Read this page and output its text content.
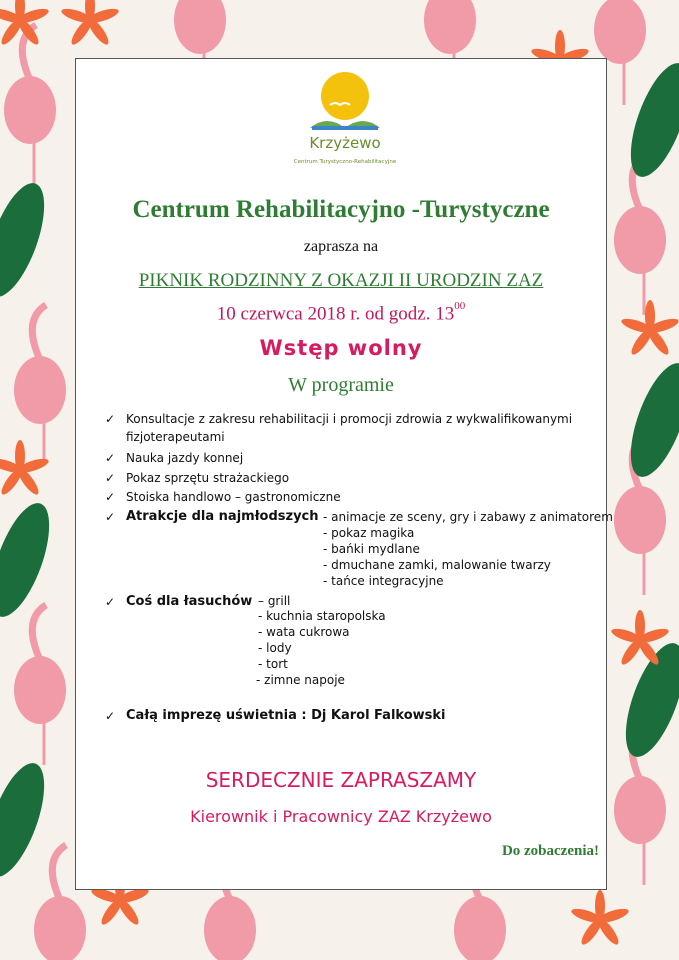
Krzyżewo
Centrum Turystyczno-Rehabilitacyjne
Centrum Rehabilitacyjno -Turystyczne
zaprasza na
PIKNIK RODZINNY Z OKAZJI II URODZIN ZAZ
10 czerwca 2018 r. od godz. $13^{00}$
Wstęp wolny
W programie
✓ Konsultacje z zakresu rehabilitacji i promocji zdrowia z wykwalifikowanymi
fizjoterapeutami
✓ Nauka jazdy konnej
✓ Pokaz sprzętu strażackiego
✓ Stoiska handlowo – gastronomiczne
✓ Atrakcje dla najmłodszych
✓ Coś dla łasuchów
✓ Całą imprezę uświetnia : Dj Karol Falkowski
- animacje ze sceny, gry i zabawy z animatorem
- pokaz magika
- bańki mydlane
- dmuchane zamki, malowanie twarzy
- tańce integracyjne
– grill
- kuchnia staropolska
- wata cukrowa
- lody
- tort
- zimne napoje
SERDECZNIE ZAPRASZAMY
Kierownik i Pracownicy ZAZ Krzyżewo
Do zobaczenia!
